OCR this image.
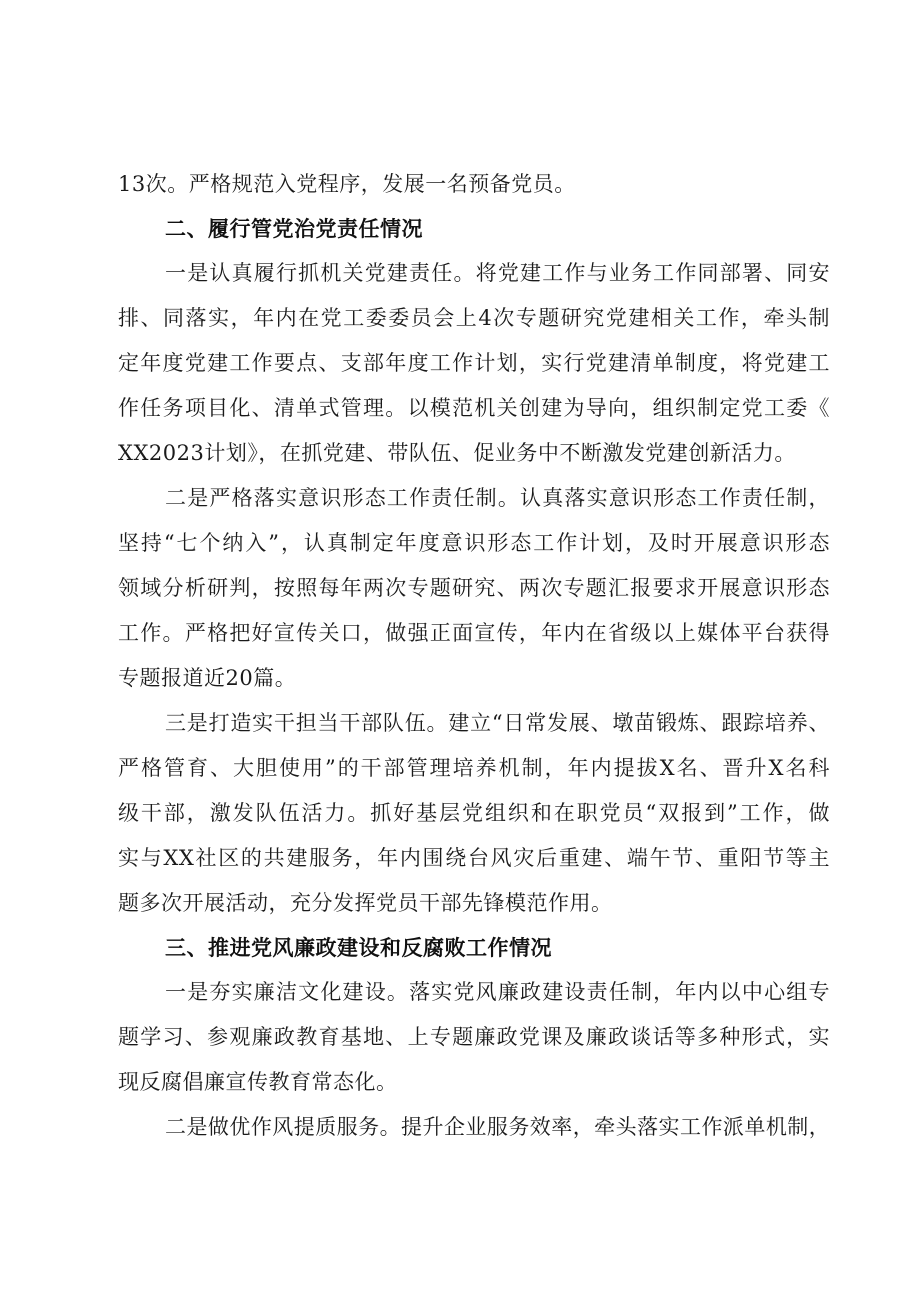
13次。严格规范入党程序，发展一名预备党员。
二、履行管党治党责任情况
一是认真履行抓机关党建责任。将党建工作与业务工作同部署、同安
排、同落实，年内在党工委委员会上4次专题研究党建相关工作，牵头制
定年度党建工作要点、支部年度工作计划，实行党建清单制度，将党建工
作任务项目化、清单式管理。以模范机关创建为导向，组织制定党工委《
XX2023计划》，在抓党建、带队伍、促业务中不断激发党建创新活力。
二是严格落实意识形态工作责任制。认真落实意识形态工作责任制，
坚持“七个纳入”，认真制定年度意识形态工作计划，及时开展意识形态
领域分析研判，按照每年两次专题研究、两次专题汇报要求开展意识形态
工作。严格把好宣传关口，做强正面宣传，年内在省级以上媒体平台获得
专题报道近20篇。
三是打造实干担当干部队伍。建立“日常发展、墩苗锻炼、跟踪培养、
严格管育、大胆使用”的干部管理培养机制，年内提拔X名、晋升X名科
级干部，激发队伍活力。抓好基层党组织和在职党员“双报到”工作，做
实与XX社区的共建服务，年内围绕台风灾后重建、端午节、重阳节等主
题多次开展活动，充分发挥党员干部先锋模范作用。
三、推进党风廉政建设和反腐败工作情况
一是夯实廉洁文化建设。落实党风廉政建设责任制，年内以中心组专
题学习、参观廉政教育基地、上专题廉政党课及廉政谈话等多种形式，实
现反腐倡廉宣传教育常态化。
二是做优作风提质服务。提升企业服务效率，牵头落实工作派单机制，
